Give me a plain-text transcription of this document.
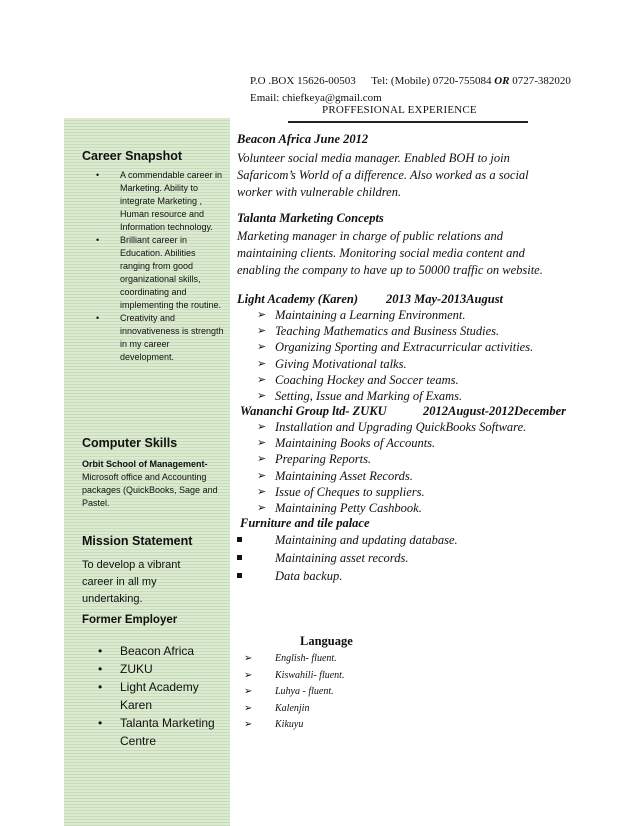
P.O .BOX 15626-00503 Tel: (Mobile) 0720-755084 OR 0727-382020
Email: chiefkeya@gmail.com
PROFFESIONAL EXPERIENCE
Career Snapshot
• A commendable career in Marketing. Ability to integrate Marketing , Human resource and Information technology.
• Brilliant career in Education. Abilities ranging from good organizational skills, coordinating and implementing the routine.
• Creativity and innovativeness is strength in my career development.
Computer Skills
Orbit School of Management-Microsoft office and Accounting packages (QuickBooks, Sage and Pastel.
Mission Statement
To develop a vibrant career in all my undertaking.
Former Employer
• Beacon Africa
• ZUKU
• Light Academy Karen
• Talanta Marketing Centre
Beacon Africa June 2012
Volunteer social media manager. Enabled BOH to join
Safaricom’s World of a difference. Also worked as a social
worker with vulnerable children.
Talanta Marketing Concepts
Marketing manager in charge of public relations and
maintaining clients. Monitoring social media content and
enabling the company to have up to 50000 traffic on website.
Light Academy (Karen) 2013 May-2013August
➢ Maintaining a Learning Environment.
➢ Teaching Mathematics and Business Studies.
➢ Organizing Sporting and Extracurricular activities.
➢ Giving Motivational talks.
➢ Coaching Hockey and Soccer teams.
➢ Setting, Issue and Marking of Exams.
Wananchi Group ltd- ZUKU	2012August-2012December
➢ Installation and Upgrading QuickBooks Software.
➢ Maintaining Books of Accounts.
➢ Preparing Reports.
➢ Maintaining Asset Records.
➢ Issue of Cheques to suppliers.
➢ Maintaining Petty Cashbook.
Furniture and tile palace
Maintaining and updating database.
Maintaining asset records.
Data backup.
Language
➢ English- fluent.
➢ Kiswahili- fluent.
➢ Luhya - fluent.
➢ Kalenjin
➢ Kikuyu
